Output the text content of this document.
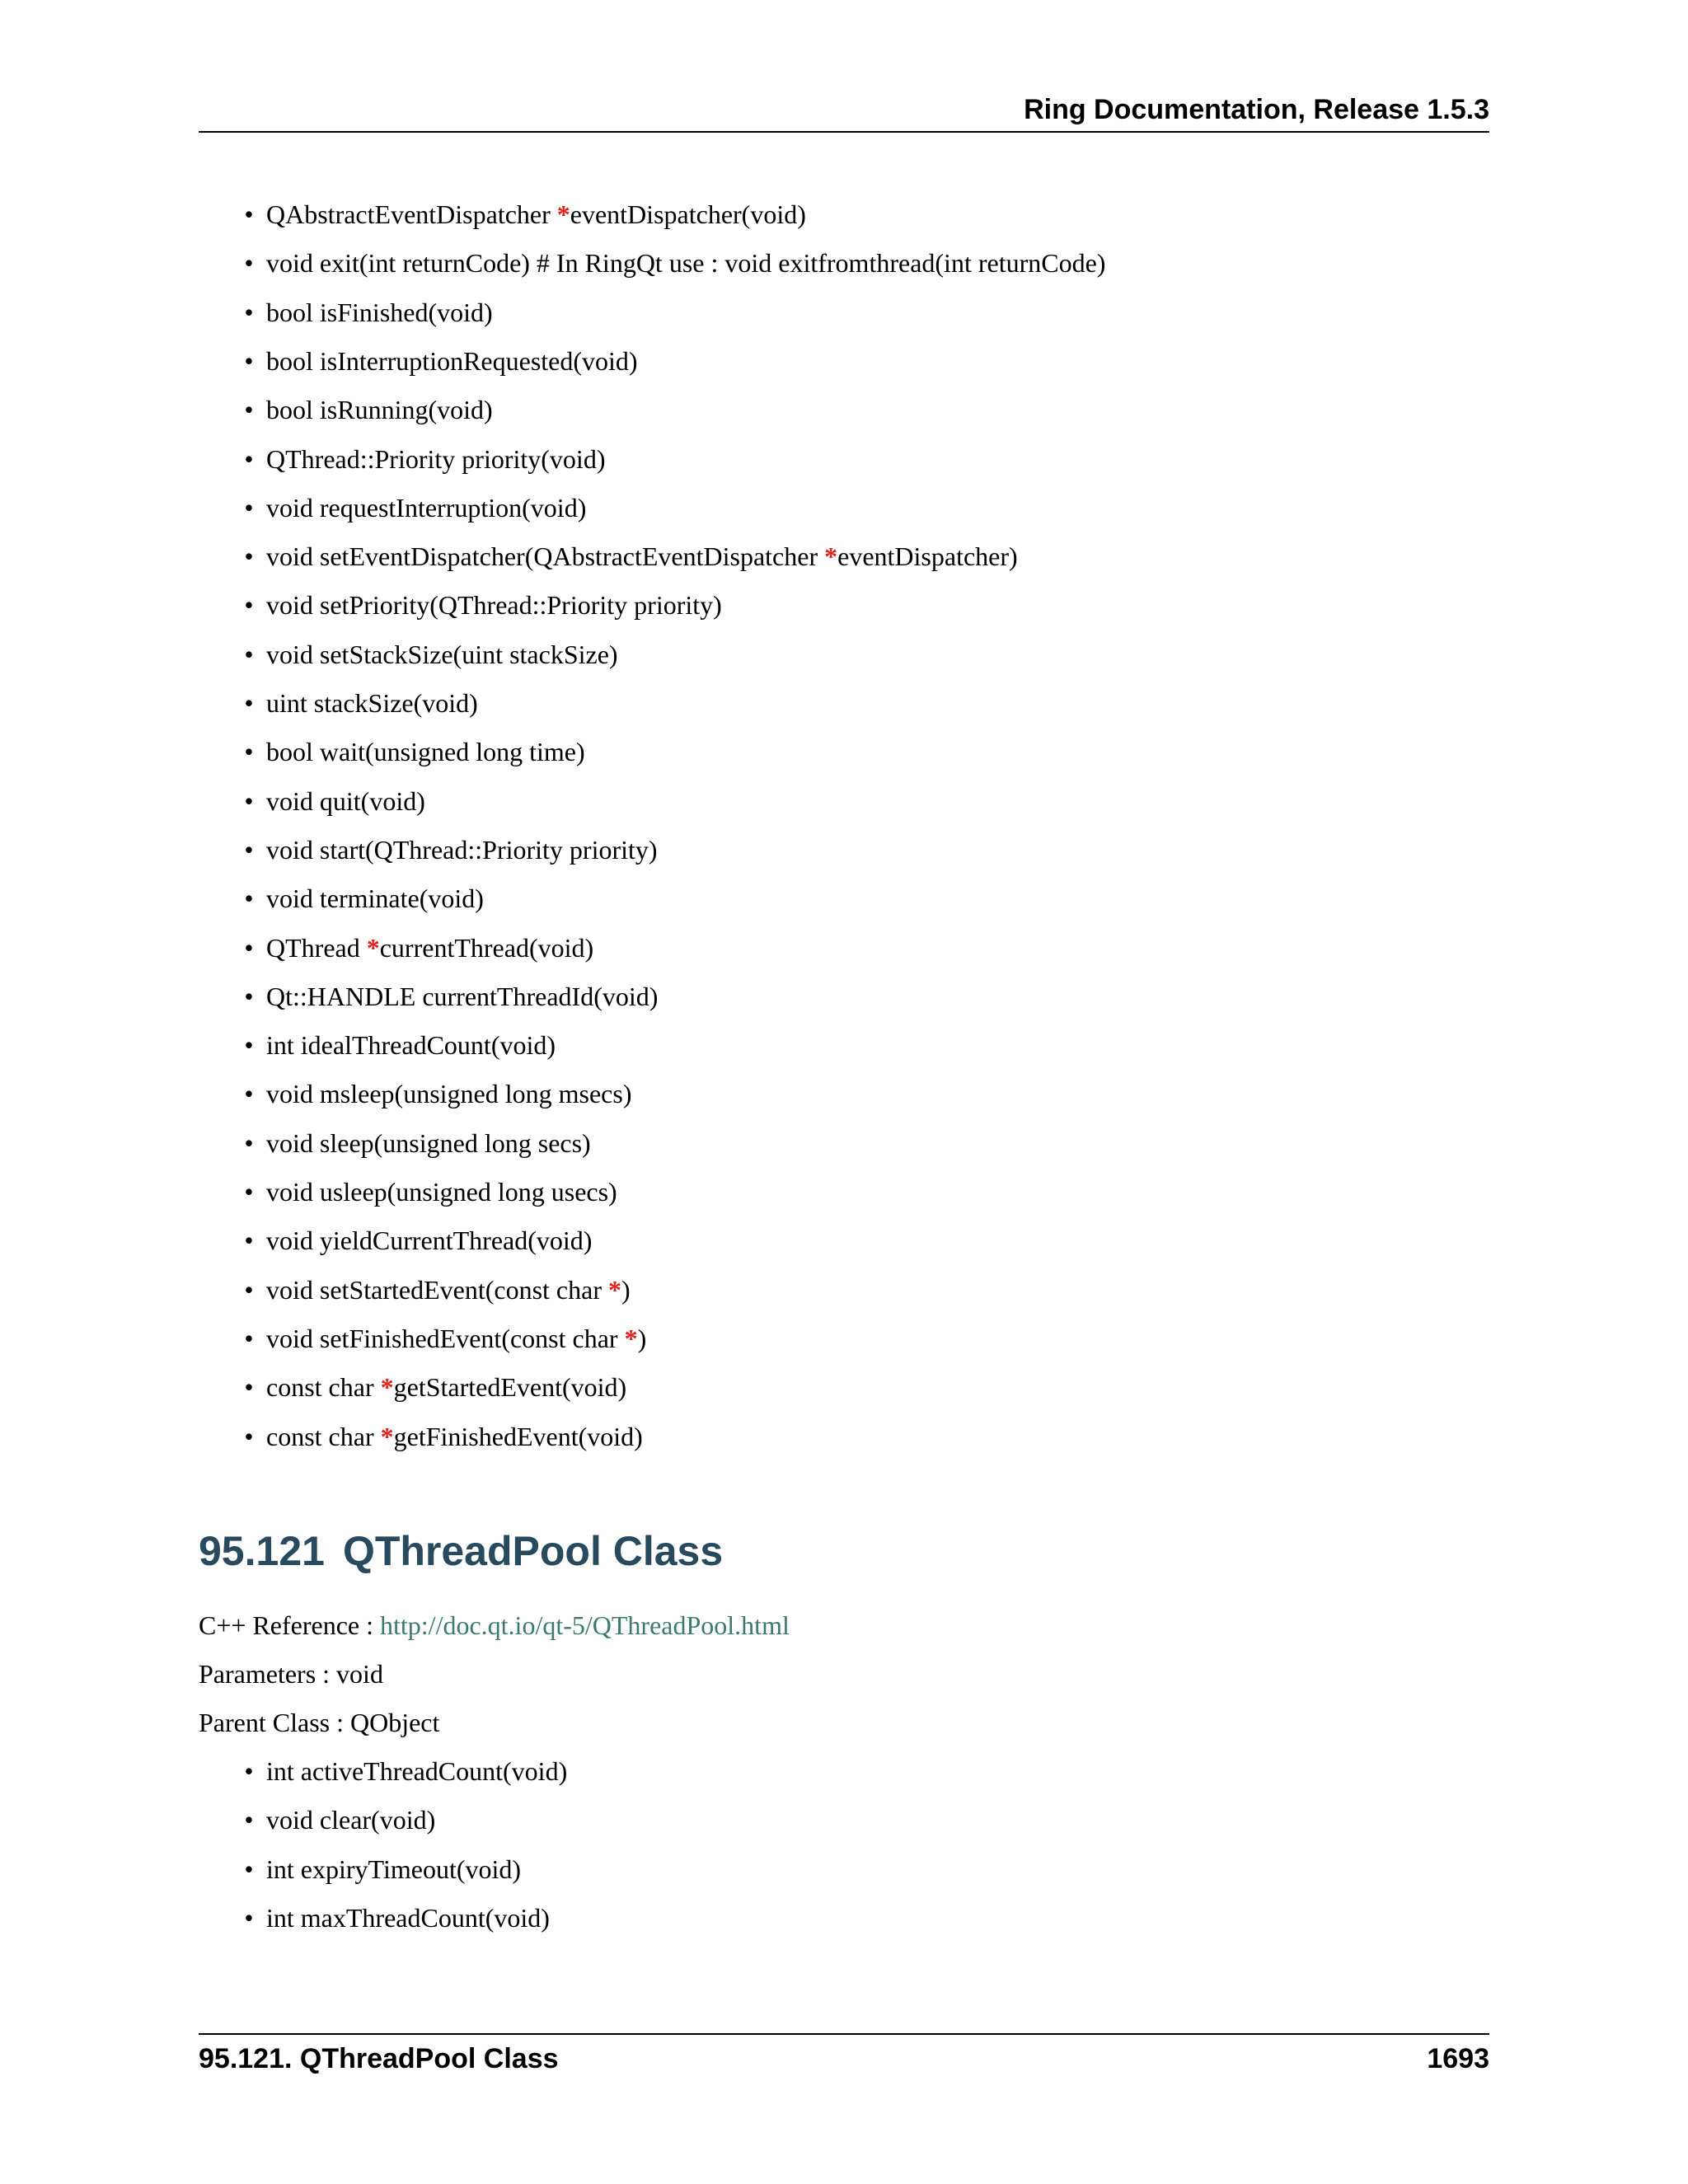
Ring Documentation, Release 1.5.3
• QAbstractEventDispatcher *eventDispatcher(void)
• void exit(int returnCode) # In RingQt use : void exitfromthread(int returnCode)
• bool isFinished(void)
• bool isInterruptionRequested(void)
• bool isRunning(void)
• QThread::Priority priority(void)
• void requestInterruption(void)
• void setEventDispatcher(QAbstractEventDispatcher *eventDispatcher)
• void setPriority(QThread::Priority priority)
• void setStackSize(uint stackSize)
• uint stackSize(void)
• bool wait(unsigned long time)
• void quit(void)
• void start(QThread::Priority priority)
• void terminate(void)
• QThread *currentThread(void)
• Qt::HANDLE currentThreadId(void)
• int idealThreadCount(void)
• void msleep(unsigned long msecs)
• void sleep(unsigned long secs)
• void usleep(unsigned long usecs)
• void yieldCurrentThread(void)
• void setStartedEvent(const char *)
• void setFinishedEvent(const char *)
• const char *getStartedEvent(void)
• const char *getFinishedEvent(void)
95.121 QThreadPool Class
C++ Reference : http://doc.qt.io/qt-5/QThreadPool.html
Parameters : void
Parent Class : QObject
• int activeThreadCount(void)
• void clear(void)
• int expiryTimeout(void)
• int maxThreadCount(void)
95.121. QThreadPool Class	1693
